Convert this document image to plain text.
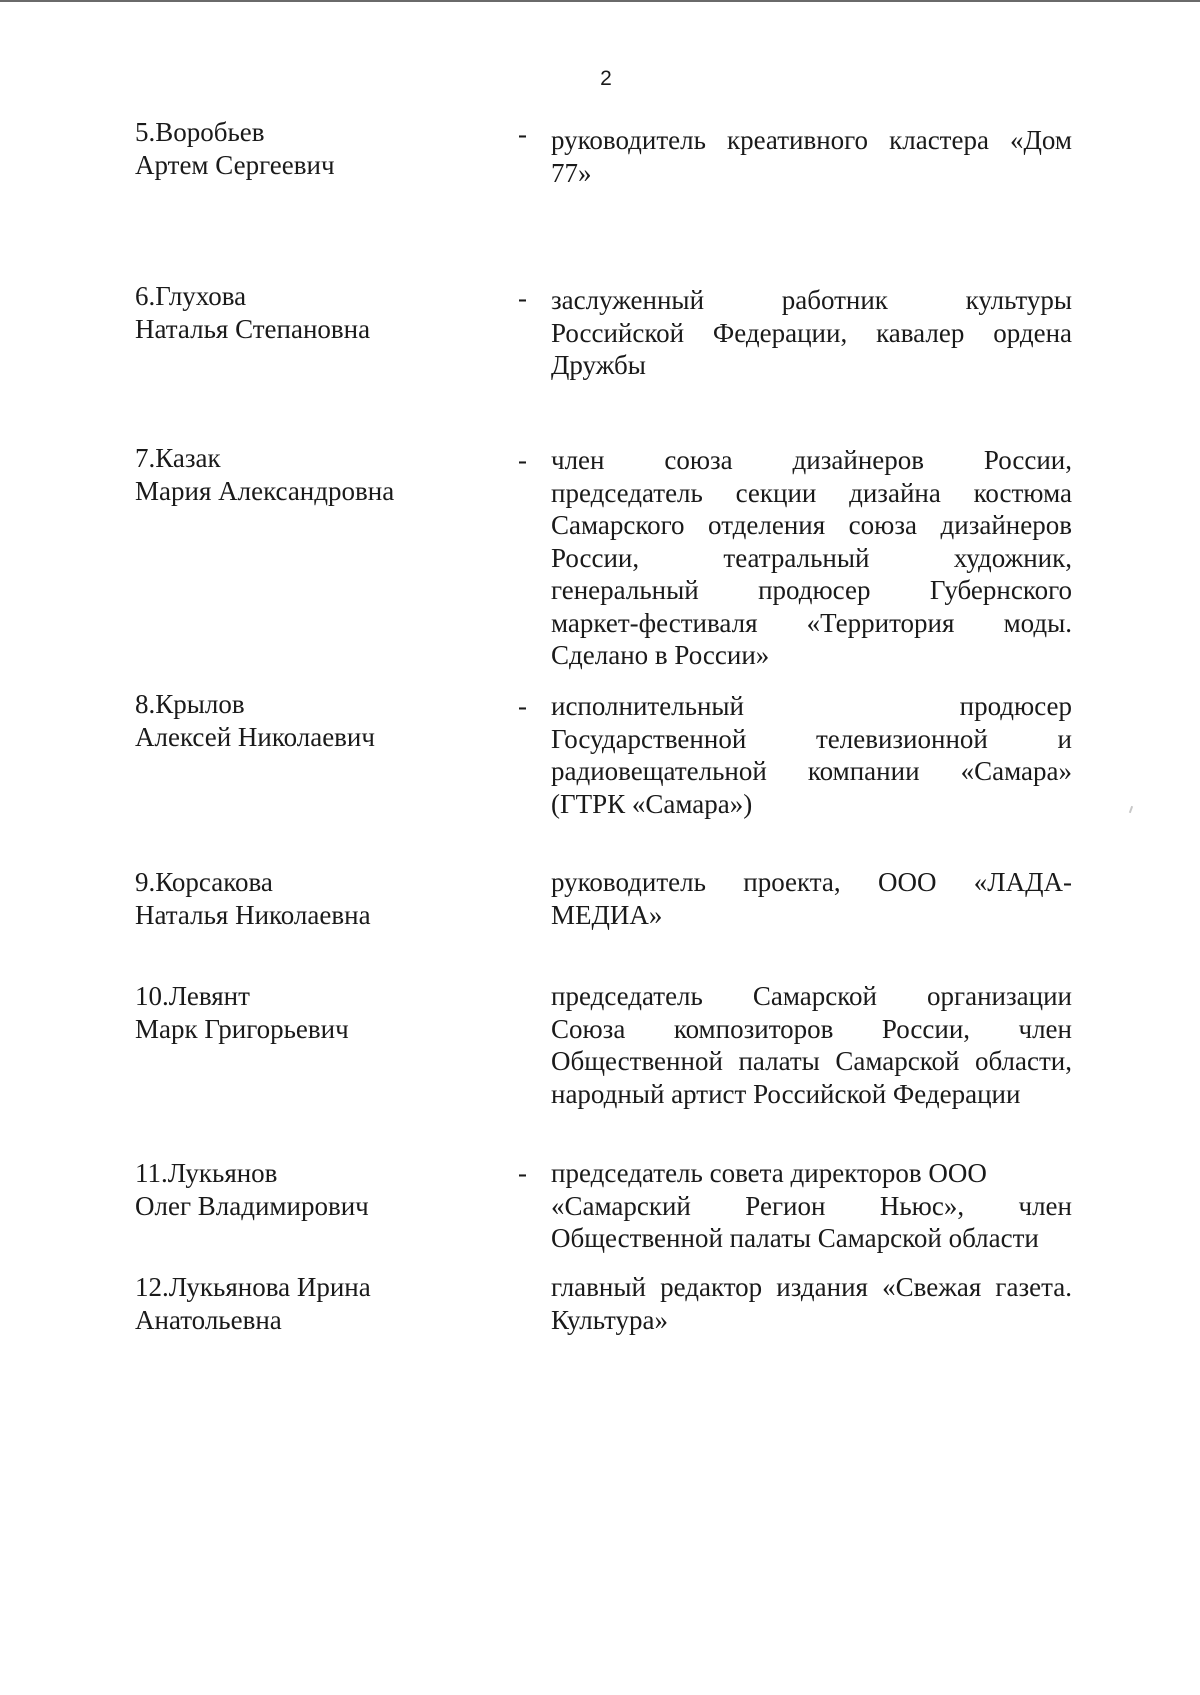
2
5.Воробьев
Артем Сергеевич
- руководитель креативного кластера «Дом
77»
6.Глухова
Наталья Степановна
- заслуженный работник культуры
Российской Федерации, кавалер ордена
Дружбы
7.Казак
Мария Александровна
- член союза дизайнеров России,
председатель секции дизайна костюма
Самарского отделения союза дизайнеров
России, театральный художник,
генеральный продюсер Губернского
маркет-фестиваля «Территория моды.
Сделано в России»
8.Крылов
Алексей Николаевич
- исполнительный продюсер
Государственной телевизионной и
радиовещательной компании «Самара»
(ГТРК «Самара»)
9.Корсакова
Наталья Николаевна
руководитель проекта, ООО «ЛАДА-
МЕДИА»
10.Левянт
Марк Григорьевич
председатель Самарской организации
Союза композиторов России, член
Общественной палаты Самарской области,
народный артист Российской Федерации
11.Лукьянов
Олег Владимирович
- председатель совета директоров ООО
«Самарский Регион Ньюс», член
Общественной палаты Самарской области
12.Лукьянова Ирина
Анатольевна
главный редактор издания «Свежая газета.
Культура»
